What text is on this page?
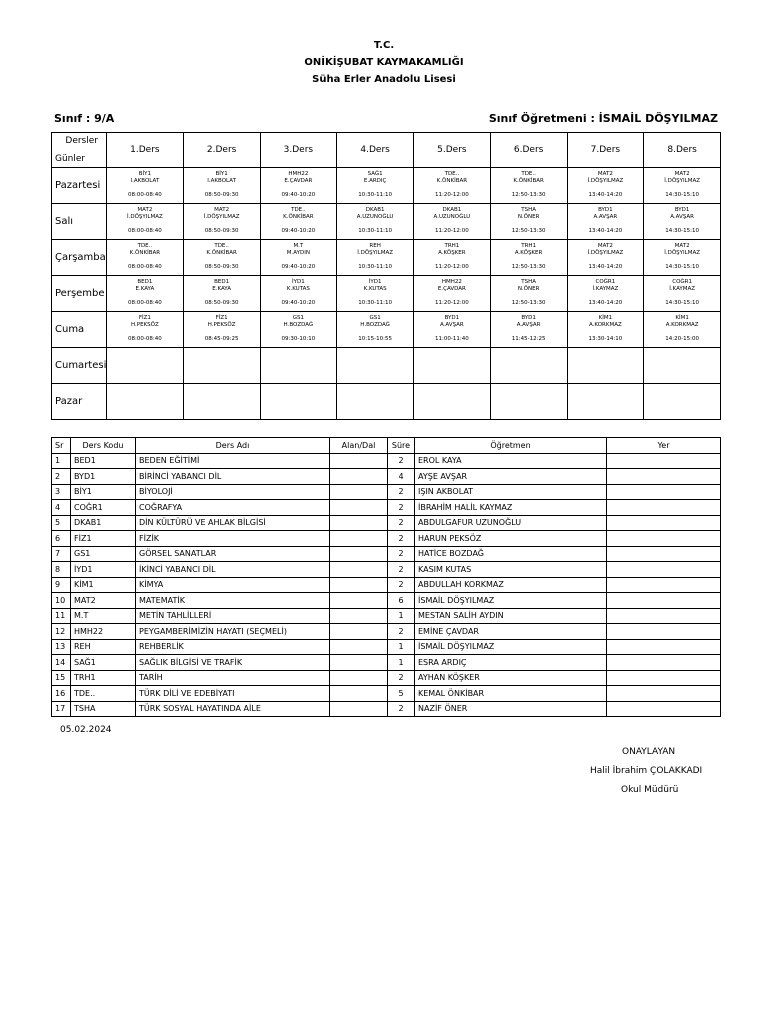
T.C.
ONİKİŞUBAT KAYMAKAMLIĞI
Süha Erler Anadolu Lisesi
Sınıf : 9/A	Sınıf Öğretmeni : İSMAİL DÖŞYILMAZ
Dersler
Günler	1.Ders	2.Ders	3.Ders	4.Ders	5.Ders	6.Ders	7.Ders	8.Ders
Pazartesi	BİY1
I.AKBOLAT
08:00-08:40	BİY1
I.AKBOLAT
08:50-09:30	HMH22
E.ÇAVDAR
09:40-10:20	SAĞ1
E.ARDIÇ
10:30-11:10	TDE..
K.ÖNKİBAR
11:20-12:00	TDE..
K.ÖNKİBAR
12:50-13:30	MAT2
İ.DÖŞYILMAZ
13:40-14:20	MAT2
İ.DÖŞYILMAZ
14:30-15:10

Salı	MAT2
İ.DÖŞYILMAZ
08:00-08:40	MAT2
İ.DÖŞYILMAZ
08:50-09:30	TDE..
K.ÖNKİBAR
09:40-10:20	DKAB1
A.UZUNOĞLU
10:30-11:10	DKAB1
A.UZUNOĞLU
11:20-12:00	TSHA
N.ÖNER
12:50-13:30	BYD1
A.AVŞAR
13:40-14:20	BYD1
A.AVŞAR
14:30-15:10

Çarşamba	TDE..
K.ÖNKİBAR
08:00-08:40	TDE..
K.ÖNKİBAR
08:50-09:30	M.T
M.AYDIN
09:40-10:20	REH
İ.DÖŞYILMAZ
10:30-11:10	TRH1
A.KÖŞKER
11:20-12:00	TRH1
A.KÖŞKER
12:50-13:30	MAT2
İ.DÖŞYILMAZ
13:40-14:20	MAT2
İ.DÖŞYILMAZ
14:30-15:10

Perşembe	BED1
E.KAYA
08:00-08:40	BED1
E.KAYA
08:50-09:30	İYD1
K.KUTAS
09:40-10:20	İYD1
K.KUTAS
10:30-11:10	HMH22
E.ÇAVDAR
11:20-12:00	TSHA
N.ÖNER
12:50-13:30	COĞR1
İ.KAYMAZ
13:40-14:20	COĞR1
İ.KAYMAZ
14:30-15:10

Cuma	FİZ1
H.PEKSÖZ
08:00-08:40	FİZ1
H.PEKSÖZ
08:45-09:25	GS1
H.BOZDAĞ
09:30-10:10	GS1
H.BOZDAĞ
10:15-10:55	BYD1
A.AVŞAR
11:00-11:40	BYD1
A.AVŞAR
11:45-12:25	KİM1
A.KORKMAZ
13:30-14:10	KİM1
A.KORKMAZ
14:20-15:00

Cumartesi								
Pazar								
Sr	Ders Kodu	Ders Adı	Alan/Dal	Süre	Öğretmen	Yer
1	BED1	BEDEN EĞİTİMİ		2	EROL KAYA	
2	BYD1	BİRİNCİ YABANCI DİL		4	AYŞE AVŞAR	
3	BİY1	BİYOLOJİ		2	IŞIN AKBOLAT	
4	COĞR1	COĞRAFYA		2	İBRAHİM HALİL KAYMAZ	
5	DKAB1	DİN KÜLTÜRÜ VE AHLAK BİLGİSİ		2	ABDULGAFUR UZUNOĞLU	
6	FİZ1	FİZİK		2	HARUN PEKSÖZ	
7	GS1	GÖRSEL SANATLAR		2	HATİCE BOZDAĞ	
8	İYD1	İKİNCİ YABANCI DİL		2	KASIM KUTAS	
9	KİM1	KİMYA		2	ABDULLAH KORKMAZ	
10	MAT2	MATEMATİK		6	İSMAİL DÖŞYILMAZ	
11	M.T	METİN TAHLİLLERİ		1	MESTAN SALİH AYDIN	
12	HMH22	PEYGAMBERİMİZİN HAYATI (SEÇMELİ)		2	EMİNE ÇAVDAR	
13	REH	REHBERLİK		1	İSMAİL DÖŞYILMAZ	
14	SAĞ1	SAĞLIK BİLGİSİ VE TRAFİK		1	ESRA ARDIÇ	
15	TRH1	TARİH		2	AYHAN KÖŞKER	
16	TDE..	TÜRK DİLİ VE EDEBİYATI		5	KEMAL ÖNKİBAR	
17	TSHA	TÜRK SOSYAL HAYATINDA AİLE		2	NAZİF ÖNER	
05.02.2024
ONAYLAYAN
Halil İbrahim ÇOLAKKADI
Okul Müdürü
